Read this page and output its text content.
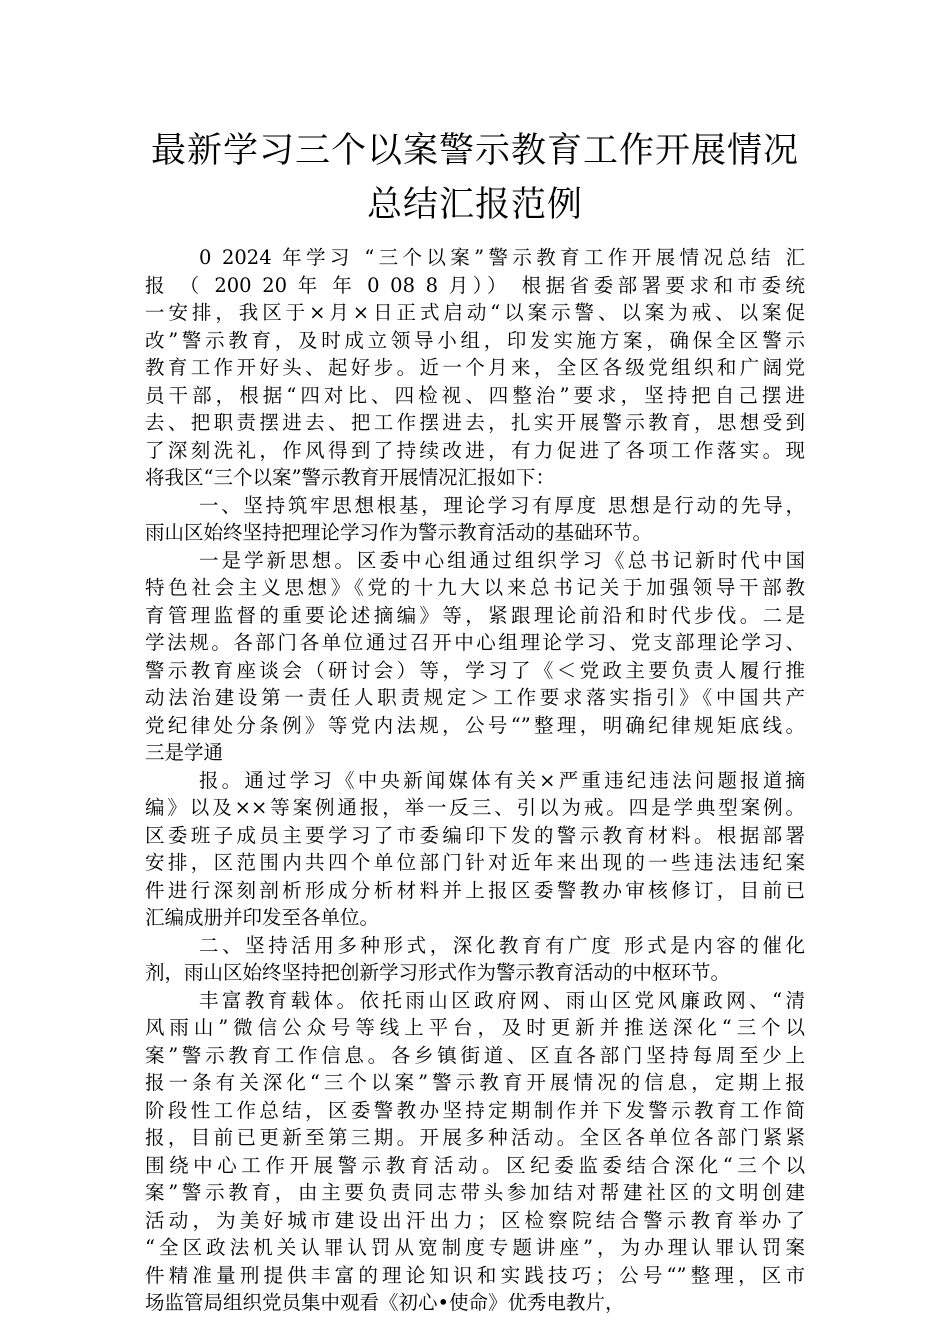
最新学习三个以案警示教育工作开展情况
总结汇报范例
0 2024 年学习 “三个以案”警示教育工作开展情况总结 汇
报 （ 200 20 年 年 0 08 8 月）） 根据省委部署要求和市委统
一安排，我区于×月×日正式启动“以案示警、以案为戒、以案促
改”警示教育，及时成立领导小组，印发实施方案，确保全区警示
教育工作开好头、起好步。近一个月来，全区各级党组织和广阔党
员干部，根据“四对比、四检视、四整治”要求，坚持把自己摆进
去、把职责摆进去、把工作摆进去，扎实开展警示教育，思想受到
了深刻洗礼，作风得到了持续改进，有力促进了各项工作落实。现
将我区“三个以案”警示教育开展情况汇报如下：
一、坚持筑牢思想根基，理论学习有厚度 思想是行动的先导，
雨山区始终坚持把理论学习作为警示教育活动的基础环节。
一是学新思想。区委中心组通过组织学习《总书记新时代中国
特色社会主义思想》《党的十九大以来总书记关于加强领导干部教
育管理监督的重要论述摘编》等，紧跟理论前沿和时代步伐。二是
学法规。各部门各单位通过召开中心组理论学习、党支部理论学习、
警示教育座谈会（研讨会）等，学习了《＜党政主要负责人履行推
动法治建设第一责任人职责规定＞工作要求落实指引》《中国共产
党纪律处分条例》等党内法规，公号“”整理，明确纪律规矩底线。
三是学通
报。通过学习《中央新闻媒体有关×严重违纪违法问题报道摘
编》以及××等案例通报，举一反三、引以为戒。四是学典型案例。
区委班子成员主要学习了市委编印下发的警示教育材料。根据部署
安排，区范围内共四个单位部门针对近年来出现的一些违法违纪案
件进行深刻剖析形成分析材料并上报区委警教办审核修订，目前已
汇编成册并印发至各单位。
二、坚持活用多种形式，深化教育有广度 形式是内容的催化
剂，雨山区始终坚持把创新学习形式作为警示教育活动的中枢环节。
丰富教育载体。依托雨山区政府网、雨山区党风廉政网、“清
风雨山”微信公众号等线上平台，及时更新并推送深化“三个以
案”警示教育工作信息。各乡镇街道、区直各部门坚持每周至少上
报一条有关深化“三个以案”警示教育开展情况的信息，定期上报
阶段性工作总结，区委警教办坚持定期制作并下发警示教育工作简
报，目前已更新至第三期。开展多种活动。全区各单位各部门紧紧
围绕中心工作开展警示教育活动。区纪委监委结合深化“三个以
案”警示教育，由主要负责同志带头参加结对帮建社区的文明创建
活动，为美好城市建设出汗出力；区检察院结合警示教育举办了
“全区政法机关认罪认罚从宽制度专题讲座”，为办理认罪认罚案
件精准量刑提供丰富的理论知识和实践技巧；公号“”整理，区市
场监管局组织党员集中观看《初心•使命》优秀电教片，
